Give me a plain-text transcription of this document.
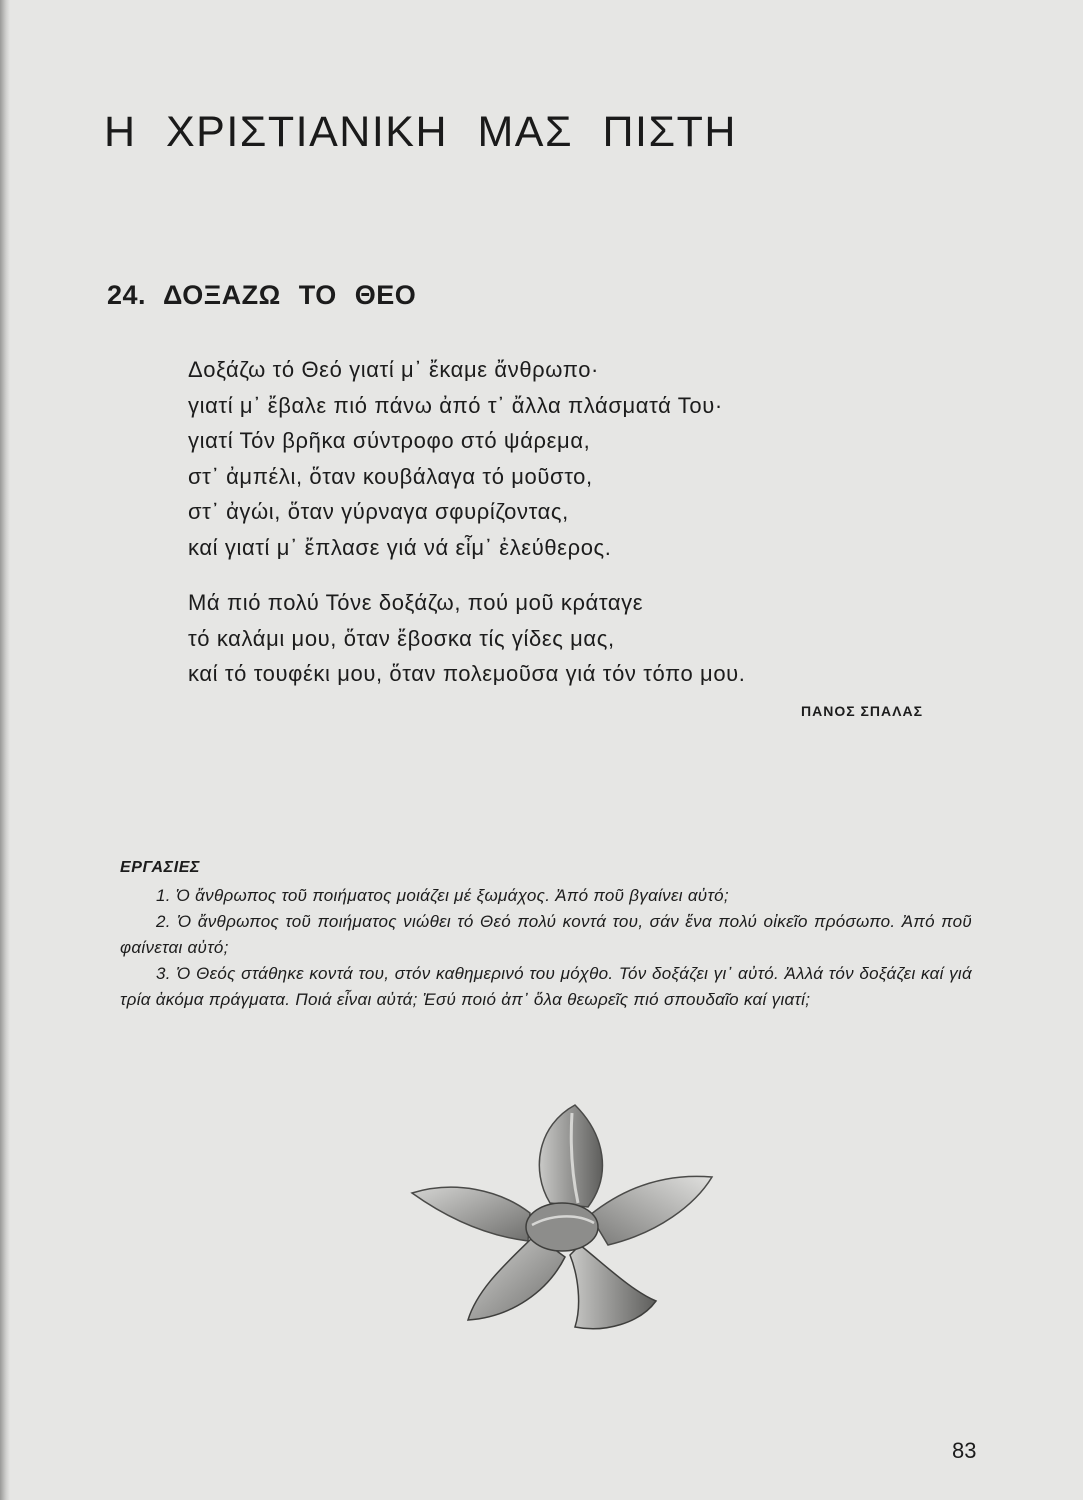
Η ΧΡΙΣΤΙΑΝΙΚΗ ΜΑΣ ΠΙΣΤΗ
24. ΔΟΞΑΖΩ ΤΟ ΘΕΟ
Δοξάζω τό Θεό γιατί μ᾽ ἔκαμε ἄνθρωπο·
γιατί μ᾽ ἔβαλε πιό πάνω ἀπό τ᾽ ἄλλα πλάσματά Του·
γιατί Τόν βρῆκα σύντροφο στό ψάρεμα,
στ᾽ ἀμπέλι, ὅταν κουβάλαγα τό μοῦστο,
στ᾽ ἀγώι, ὅταν γύρναγα σφυρίζοντας,
καί γιατί μ᾽ ἔπλασε γιά νά εἶμ᾽ ἐλεύθερος.
Μά πιό πολύ Τόνε δοξάζω, πού μοῦ κράταγε
τό καλάμι μου, ὅταν ἔβοσκα τίς γίδες μας,
καί τό τουφέκι μου, ὅταν πολεμοῦσα γιά τόν τόπο μου.
ΠΑΝΟΣ ΣΠΑΛΑΣ
ΕΡΓΑΣΙΕΣ

1. Ὁ ἄνθρωπος τοῦ ποιήματος μοιάζει μέ ξωμάχος. Ἀπό ποῦ βγαίνει αὐτό;

2. Ὁ ἄνθρωπος τοῦ ποιήματος νιώθει τό Θεό πολύ κοντά του, σάν ἕνα πολύ οἰκεῖο πρόσωπο. Ἀπό ποῦ φαίνεται αὐτό;

3. Ὁ Θεός στάθηκε κοντά του, στόν καθημερινό του μόχθο. Τόν δοξάζει γι᾽ αὐτό. Ἀλλά τόν δοξάζει καί γιά τρία ἀκόμα πράγματα. Ποιά εἶναι αὐτά; Ἐσύ ποιό ἀπ᾽ ὅλα θεωρεῖς πιό σπουδαῖο καί γιατί;

83
